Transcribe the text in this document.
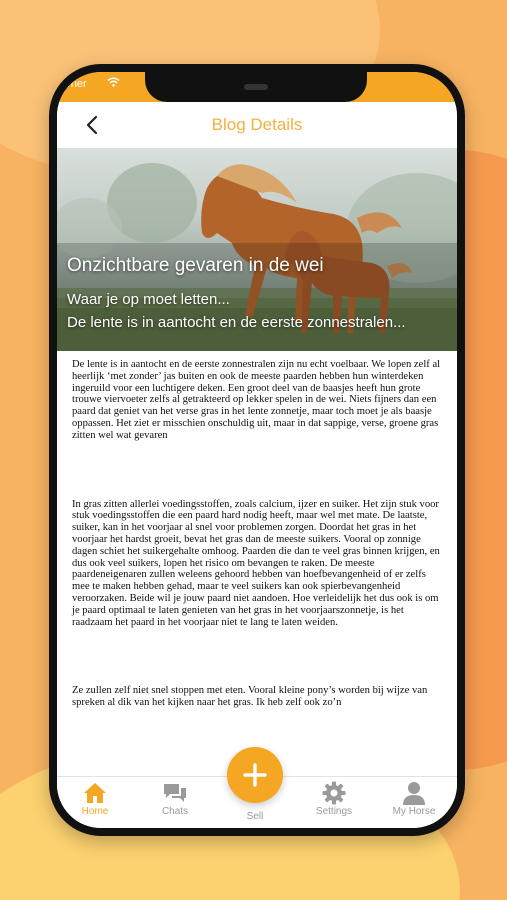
arrier
Blog Details
Onzichtbare gevaren in de wei
Waar je op moet letten...
De lente is in aantocht en de eerste zonnestralen...

De lente is in aantocht en de eerste zonnestralen zijn nu echt voelbaar. We lopen zelf al heerlijk ‘met zonder’ jas buiten en ook de meeste paarden hebben hun winterdeken ingeruild voor een luchtigere deken. Een groot deel van de baasjes heeft hun grote trouwe viervoeter zelfs al getrakteerd op lekker spelen in de wei. Niets fijners dan een paard dat geniet van het verse gras in het lente zonnetje, maar toch moet je als baasje oppassen. Het ziet er misschien onschuldig uit, maar in dat sappige, verse, groene gras zitten wel wat gevaren

In gras zitten allerlei voedingsstoffen, zoals calcium, ijzer en suiker. Het zijn stuk voor stuk voedingsstoffen die een paard hard nodig heeft, maar wel met mate. De laatste, suiker, kan in het voorjaar al snel voor problemen zorgen. Doordat het gras in het voorjaar het hardst groeit, bevat het gras dan de meeste suikers. Vooral op zonnige dagen schiet het suikergehalte omhoog. Paarden die dan te veel gras binnen krijgen, en dus ook veel suikers, lopen het risico om bevangen te raken. De meeste paardeneigenaren zullen weleens gehoord hebben van hoefbevangenheid of er zelfs mee te maken hebben gehad, maar te veel suikers kan ook spierbevangenheid veroorzaken. Beide wil je jouw paard niet aandoen. Hoe verleidelijk het dus ook is om je paard optimaal te laten genieten van het gras in het voorjaarszonnetje, is het raadzaam het paard in het voorjaar niet te lang te laten weiden.

Ze zullen zelf niet snel stoppen met eten. Vooral kleine pony’s worden bij wijze van spreken al dik van het kijken naar het gras. Ik heb zelf ook zo’n

Home	Chats	Sell	Settings	My Horse
